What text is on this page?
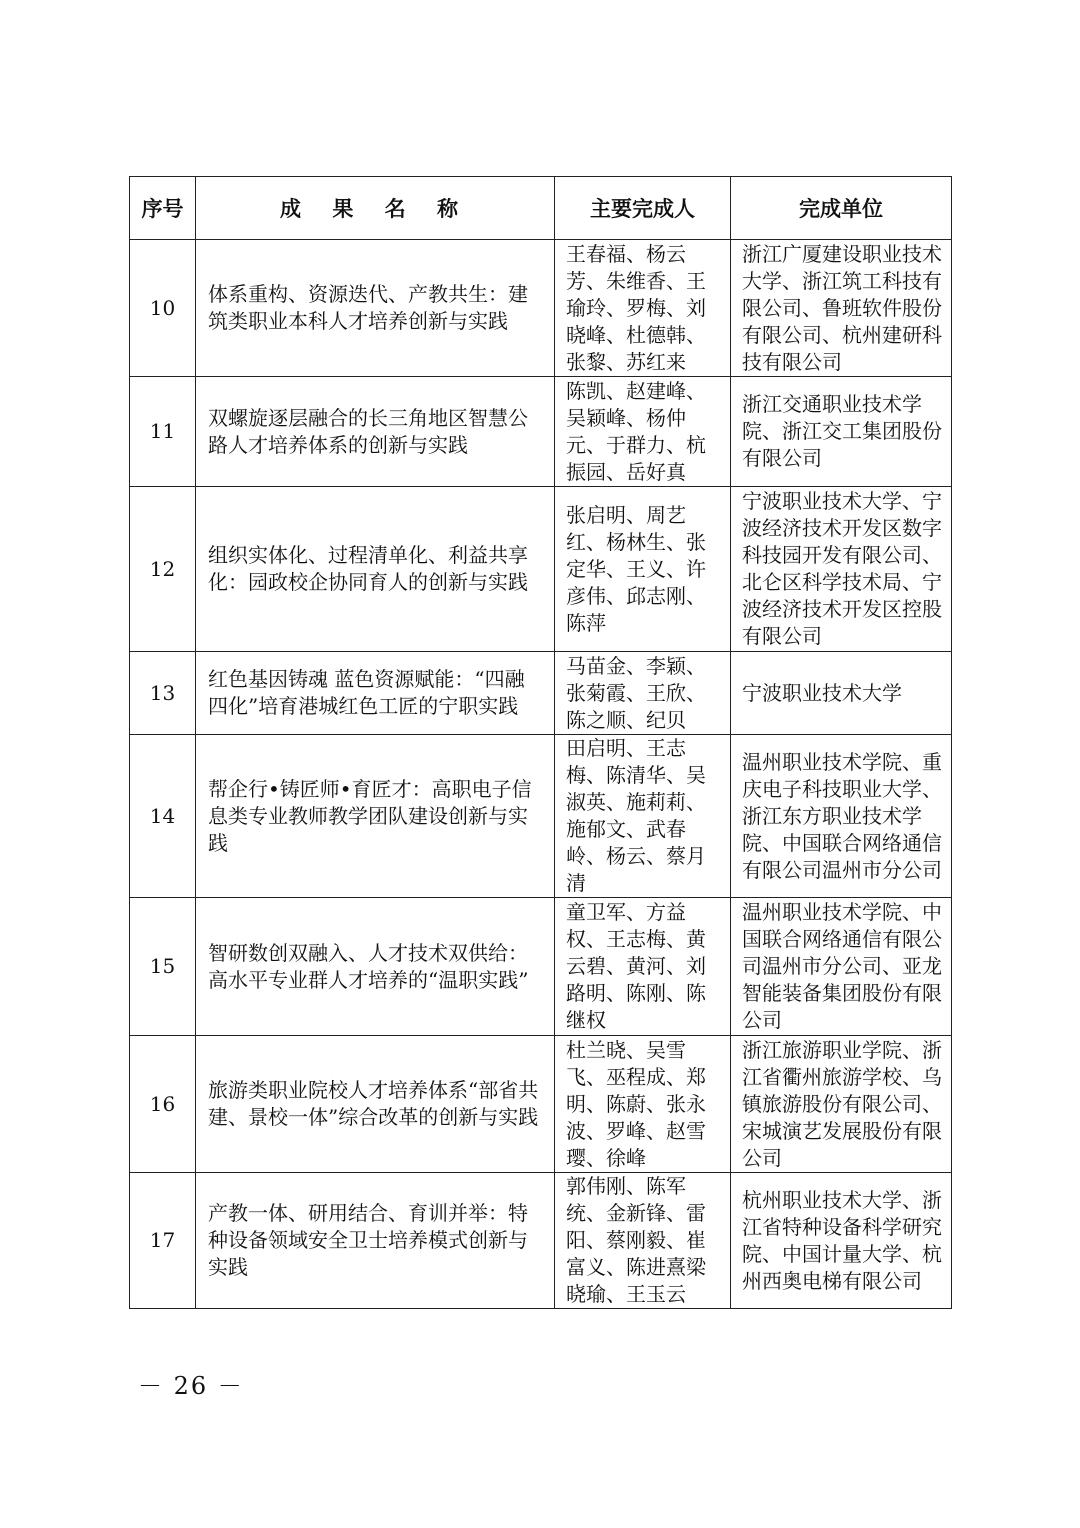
序号	成 果 名 称	主要完成人	完成单位
10	体系重构、资源迭代、产教共生：建筑类职业本科人才培养创新与实践	王春福、杨云芳、朱维香、王瑜玲、罗梅、刘晓峰、杜德韩、张黎、苏红来	浙江广厦建设职业技术大学、浙江筑工科技有限公司、鲁班软件股份有限公司、杭州建研科技有限公司
11	双螺旋逐层融合的长三角地区智慧公路人才培养体系的创新与实践	陈凯、赵建峰、吴颖峰、杨仲元、于群力、杭振园、岳好真	浙江交通职业技术学院、浙江交工集团股份有限公司
12	组织实体化、过程清单化、利益共享化：园政校企协同育人的创新与实践	张启明、周艺红、杨林生、张定华、王义、许彦伟、邱志刚、陈萍	宁波职业技术大学、宁波经济技术开发区数字科技园开发有限公司、北仑区科学技术局、宁波经济技术开发区控股有限公司
13	红色基因铸魂 蓝色资源赋能：“四融四化”培育港城红色工匠的宁职实践	马苗金、李颖、张菊霞、王欣、陈之顺、纪贝	宁波职业技术大学
14	帮企行•铸匠师•育匠才：高职电子信息类专业教师教学团队建设创新与实践	田启明、王志梅、陈清华、吴淑英、施莉莉、施郁文、武春岭、杨云、蔡月清	温州职业技术学院、重庆电子科技职业大学、浙江东方职业技术学院、中国联合网络通信有限公司温州市分公司
15	智研数创双融入、人才技术双供给：高水平专业群人才培养的“温职实践”	童卫军、方益权、王志梅、黄云碧、黄河、刘路明、陈刚、陈继权	温州职业技术学院、中国联合网络通信有限公司温州市分公司、亚龙智能装备集团股份有限公司
16	旅游类职业院校人才培养体系“部省共建、景校一体”综合改革的创新与实践	杜兰晓、吴雪飞、巫程成、郑明、陈蔚、张永波、罗峰、赵雪璎、徐峰	浙江旅游职业学院、浙江省衢州旅游学校、乌镇旅游股份有限公司、宋城演艺发展股份有限公司
17	产教一体、研用结合、育训并举：特种设备领域安全卫士培养模式创新与实践	郭伟刚、陈军统、金新锋、雷阳、蔡刚毅、崔富义、陈进熹梁晓瑜、王玉云	杭州职业技术大学、浙江省特种设备科学研究院、中国计量大学、杭州西奥电梯有限公司
－ 26 －
